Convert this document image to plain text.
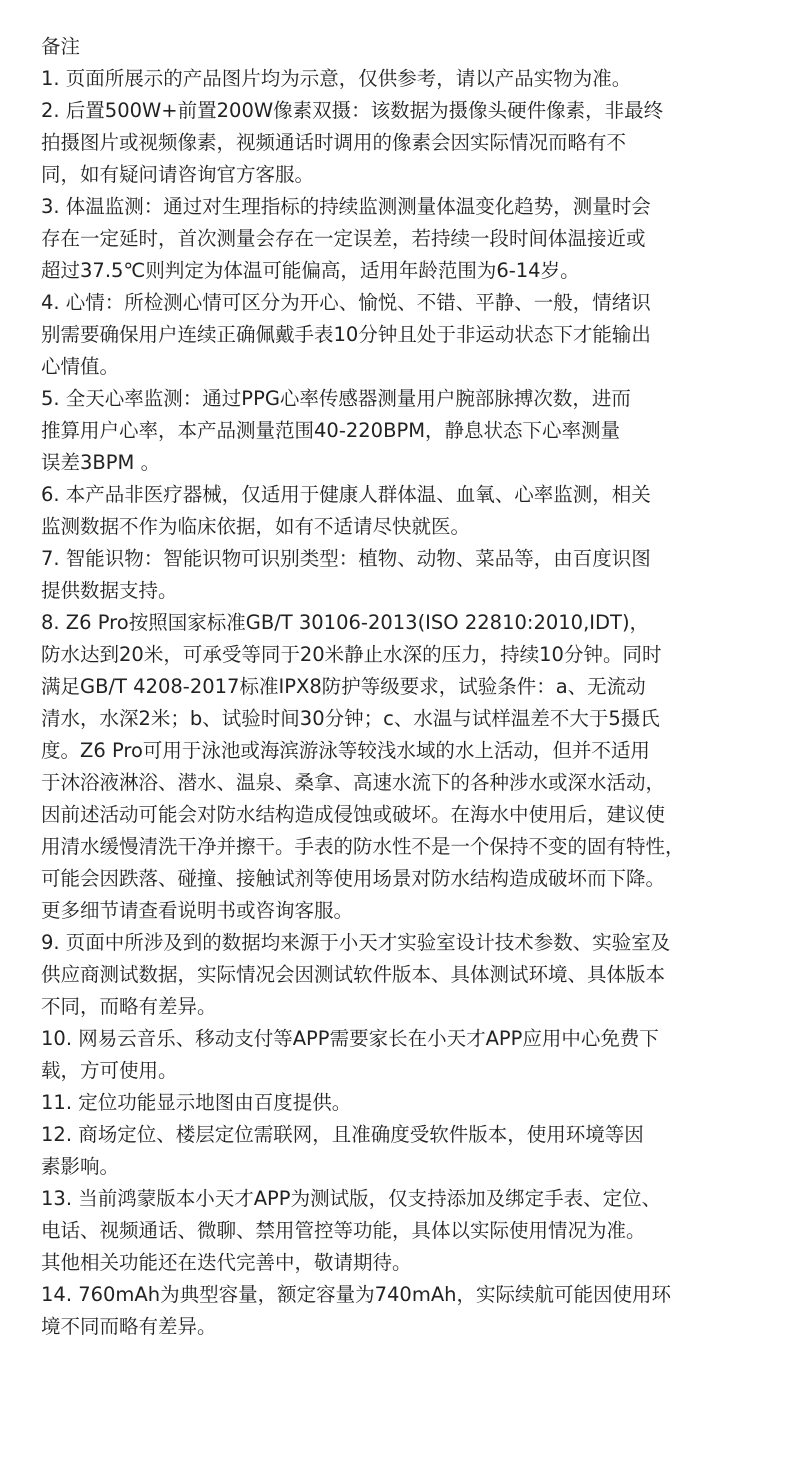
备注

1. 页面所展示的产品图片均为示意，仅供参考，请以产品实物为准。

2. 后置500W+前置200W像素双摄：该数据为摄像头硬件像素，非最终
拍摄图片或视频像素，视频通话时调用的像素会因实际情况而略有不
同，如有疑问请咨询官方客服。

3. 体温监测：通过对生理指标的持续监测测量体温变化趋势，测量时会
存在一定延时，首次测量会存在一定误差，若持续一段时间体温接近或
超过37.5℃则判定为体温可能偏高，适用年龄范围为6-14岁。

4. 心情：所检测心情可区分为开心、愉悦、不错、平静、一般，情绪识
别需要确保用户连续正确佩戴手表10分钟且处于非运动状态下才能输出
心情值。

5. 全天心率监测：通过PPG心率传感器测量用户腕部脉搏次数，进而
推算用户心率，本产品测量范围40-220BPM，静息状态下心率测量
误差3BPM 。

6. 本产品非医疗器械，仅适用于健康人群体温、血氧、心率监测，相关
监测数据不作为临床依据，如有不适请尽快就医。

7. 智能识物：智能识物可识别类型：植物、动物、菜品等，由百度识图
提供数据支持。

8. Z6 Pro按照国家标准GB/T 30106-2013(ISO 22810:2010,IDT)，
防水达到20米，可承受等同于20米静止水深的压力，持续10分钟。同时
满足GB/T 4208-2017标准IPX8防护等级要求，试验条件：a、无流动
清水，水深2米；b、试验时间30分钟；c、水温与试样温差不大于5摄氏
度。Z6 Pro可用于泳池或海滨游泳等较浅水域的水上活动，但并不适用
于沐浴液淋浴、潜水、温泉、桑拿、高速水流下的各种涉水或深水活动，
因前述活动可能会对防水结构造成侵蚀或破坏。在海水中使用后，建议使
用清水缓慢清洗干净并擦干。手表的防水性不是一个保持不变的固有特性，
可能会因跌落、碰撞、接触试剂等使用场景对防水结构造成破坏而下降。
更多细节请查看说明书或咨询客服。

9. 页面中所涉及到的数据均来源于小天才实验室设计技术参数、实验室及
供应商测试数据，实际情况会因测试软件版本、具体测试环境、具体版本
不同，而略有差异。

10. 网易云音乐、移动支付等APP需要家长在小天才APP应用中心免费下
载，方可使用。

11. 定位功能显示地图由百度提供。

12. 商场定位、楼层定位需联网，且准确度受软件版本，使用环境等因
素影响。

13. 当前鸿蒙版本小天才APP为测试版，仅支持添加及绑定手表、定位、
电话、视频通话、微聊、禁用管控等功能，具体以实际使用情况为准。
其他相关功能还在迭代完善中，敬请期待。

14. 760mAh为典型容量，额定容量为740mAh，实际续航可能因使用环
境不同而略有差异。
